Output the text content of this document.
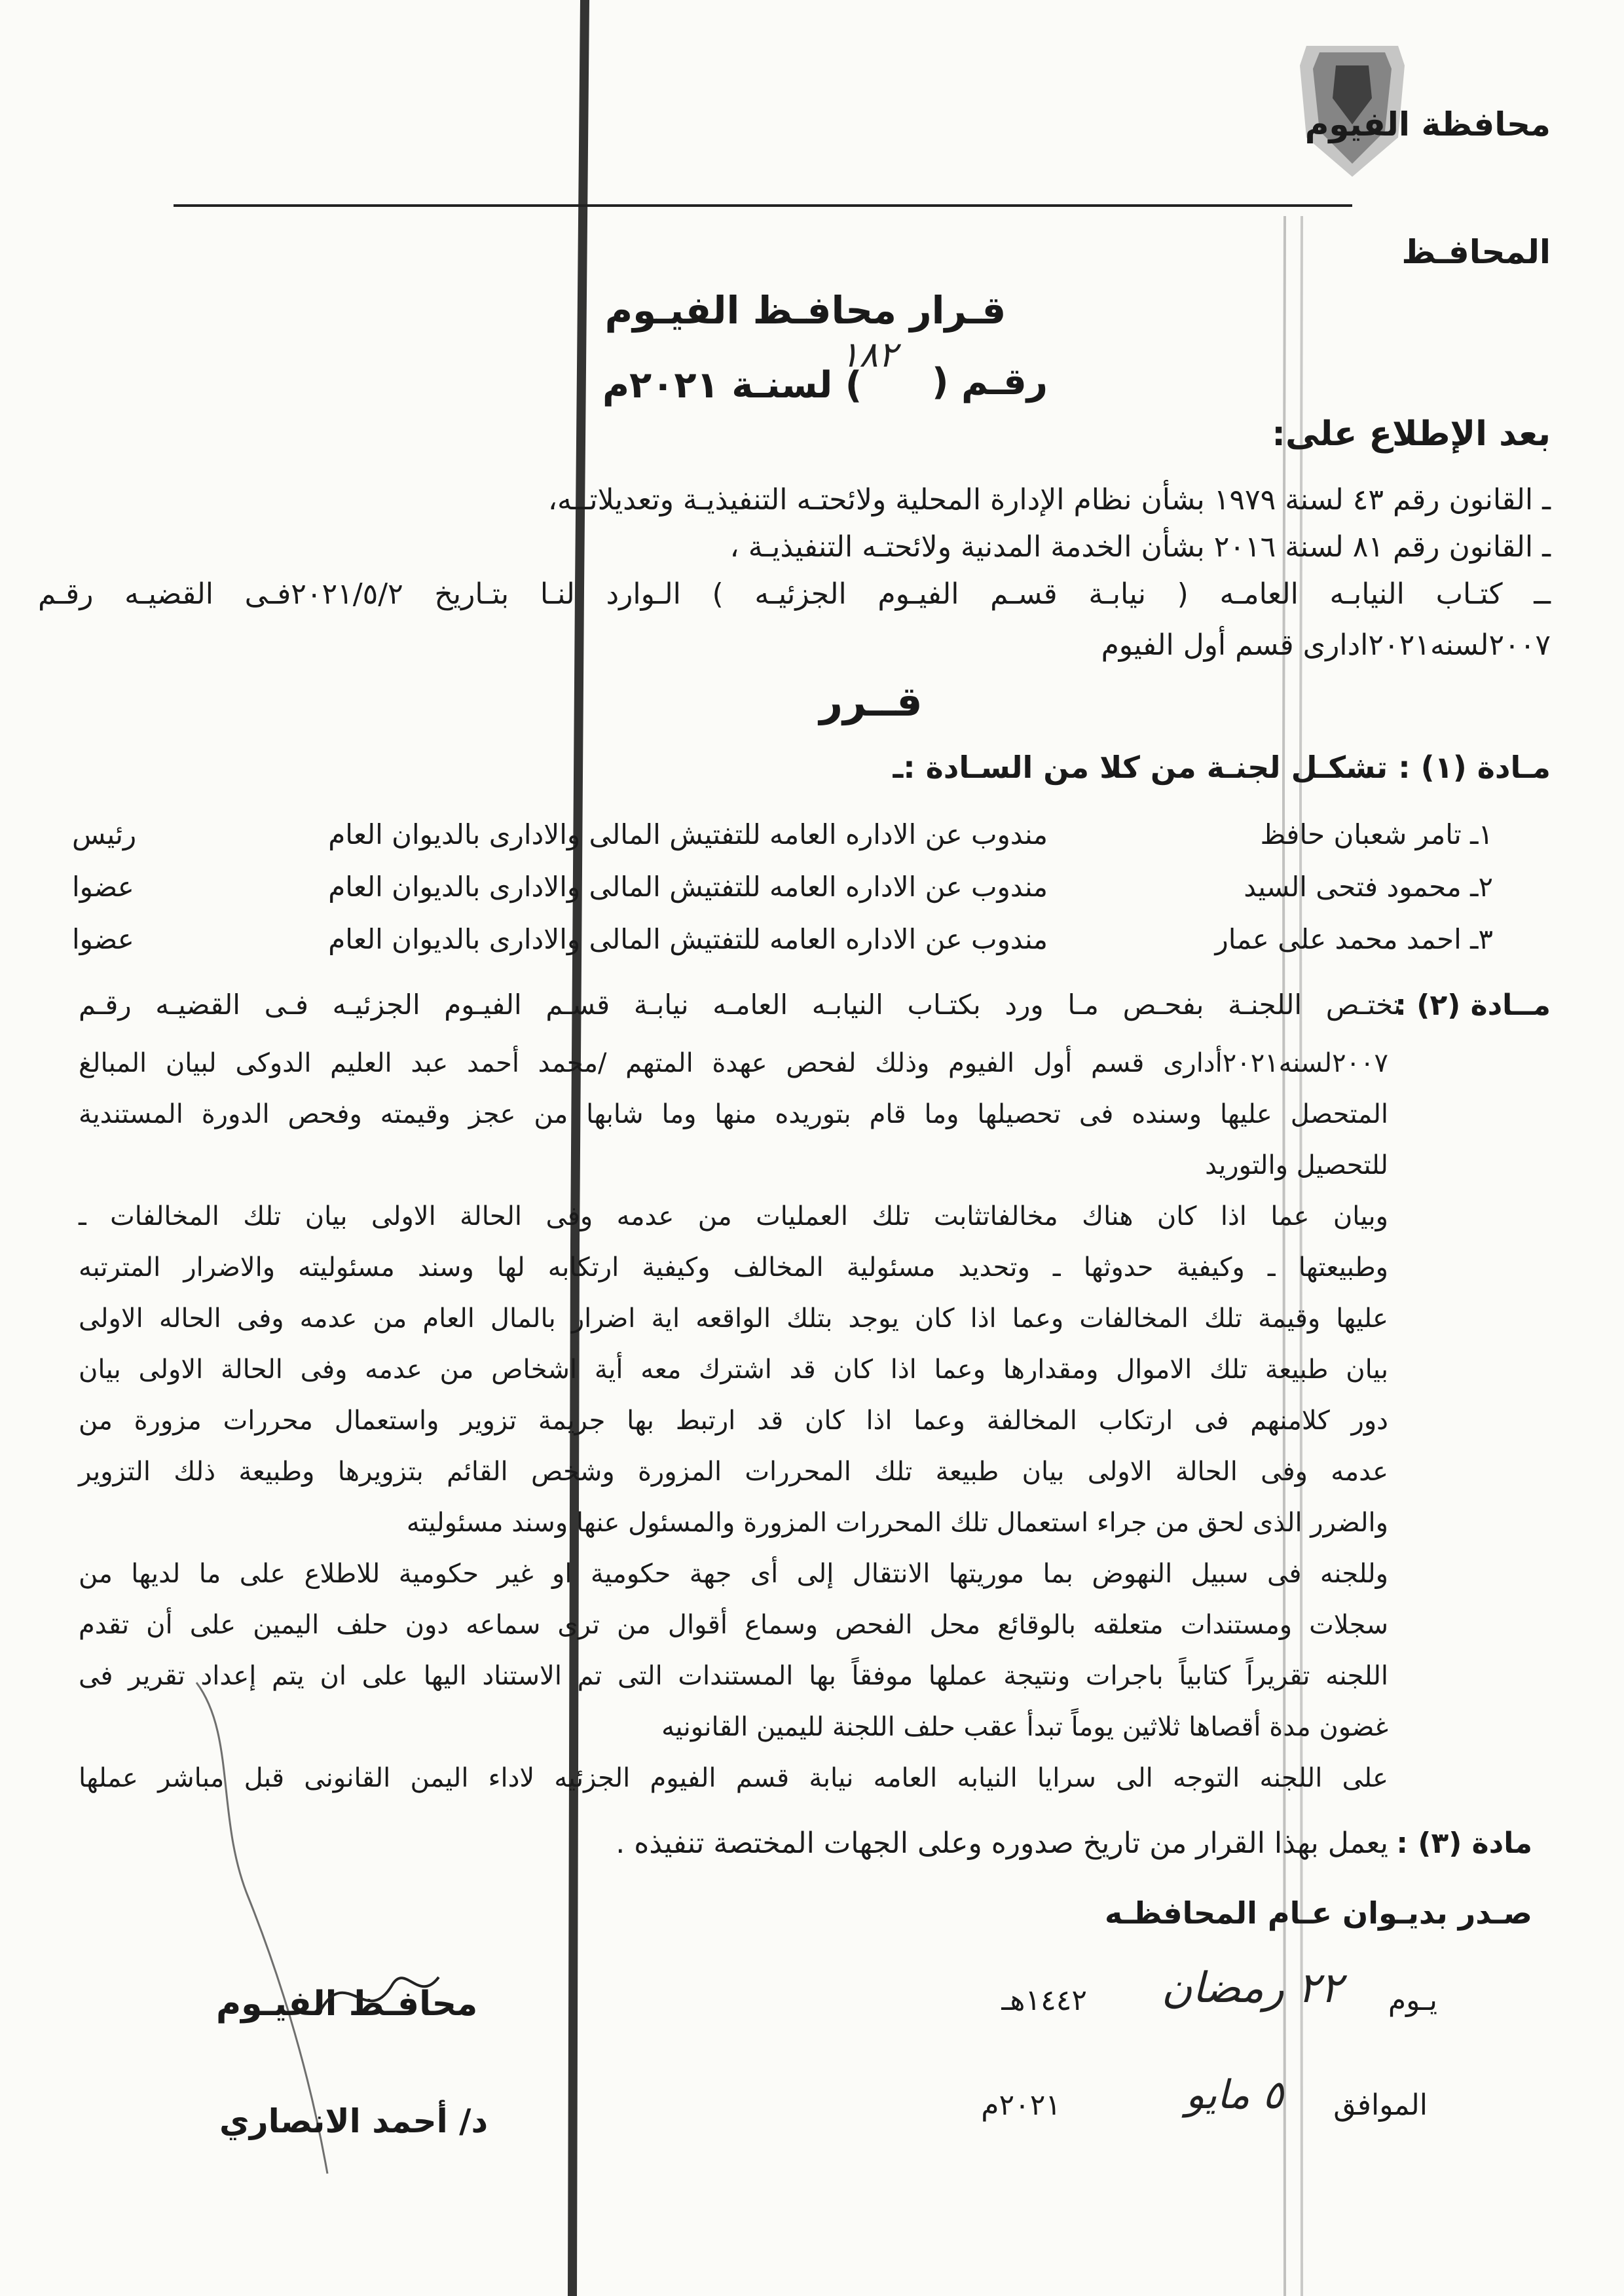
محافظة الفيوم
المحافـظ
قـرار محافـظ الفيـوم
رقـم (
١٨٢
) لسنـة ٢٠٢١م
بعد الإطلاع على:
ـ القانون رقم ٤٣ لسنة ١٩٧٩ بشأن نظام الإدارة المحلية ولائحتـه التنفيذيـة وتعديلاتــه،
ـ القانون رقم ٨١ لسنة ٢٠١٦ بشأن الخدمة المدنية ولائحتـه التنفيذيـة ،
ــ كتـاب النيابـه العامـه ( نيابـة قسـم الفيـوم الجزئيـه ) الـوارد لنـا بتـاريخ ٢٠٢١/٥/٢فـى القضيـه رقـم
٢٠٠٧لسنه٢٠٢١اداری قسم أول الفيوم
قــرر
مـادة (١) : تشكـل لجنـة من كلا من السـادة :ـ
١ـ تامر شعبان حافظ
مندوب عن الاداره العامه للتفتيش المالى والادارى بالديوان العام
رئيس
٢ـ محمود فتحى السيد
مندوب عن الاداره العامه للتفتيش المالى والادارى بالديوان العام
عضوا
٣ـ احمد محمد على عمار
مندوب عن الاداره العامه للتفتيش المالى والادارى بالديوان العام
عضوا
مــادة (٢) :
تختـص اللجنـة بفحـص مـا ورد بكتـاب النيابـه العامـه نيابـة قسـم الفيـوم الجزئيـه فـى القضيـه رقـم
٢٠٠٧لسنه٢٠٢١أدارى قسم أول الفيوم وذلك لفحص عهدة المتهم /محمد أحمد عبد العليم الدوكى لبيان المبالغ
المتحصل عليها وسنده فى تحصيلها وما قام بتوريده منها وما شابها من عجز وقيمته وفحص الدورة المستندية
للتحصيل والتوريد
وبيان عما اذا كان هناك مخالفاتثابت تلك العمليات من عدمه وفى الحالة الاولى بيان تلك المخالفات ـ
وطبيعتها ـ وكيفية حدوثها ـ وتحديد مسئولية المخالف وكيفية ارتكابه لها وسند مسئوليته والاضرار المترتبه
عليها وقيمة تلك المخالفات وعما اذا كان يوجد بتلك الواقعه اية اضرار بالمال العام من عدمه وفى الحاله الاولى
بيان طبيعة تلك الاموال ومقدارها وعما اذا كان قد اشترك معه أية اشخاص من عدمه وفى الحالة الاولى بيان
دور كلامنهم فى ارتكاب المخالفة وعما اذا كان قد ارتبط بها جريمة تزوير واستعمال محررات مزورة من
عدمه وفى الحالة الاولى بيان طبيعة تلك المحررات المزورة وشخص القائم بتزويرها وطبيعة ذلك التزوير
والضرر الذى لحق من جراء استعمال تلك المحررات المزورة والمسئول عنها وسند مسئوليته
وللجنه فى سبيل النهوض بما موريتها الانتقال إلى أى جهة حكومية او غير حكومية للاطلاع على ما لديها من
سجلات ومستندات متعلقه بالوقائع محل الفحص وسماع أقوال من ترى سماعه دون حلف اليمين على أن تقدم
اللجنه تقريراً كتابياً باجرات ونتيجة عملها موفقاً بها المستندات التى تم الاستناد اليها على ان يتم إعداد تقرير فى
غضون مدة أقصاها ثلاثين يوماً تبدأ عقب حلف اللجنة لليمين القانونيه
على اللجنه التوجه الى سرايا النيابه العامه نيابة قسم الفيوم الجزئيه لاداء اليمن القانونى قبل مباشر عملها
مادة (٣) :
يعمل بهذا القرار من تاريخ صدوره وعلى الجهات المختصة تنفيذه .
صـدر بديـوان عـام المحافظـه
يـوم
٢٢ رمضان
١٤٤٢هـ
الموافق
٥ مايو
٢٠٢١م
محافـظ الفيـوم
د/ أحمد الانصاري
